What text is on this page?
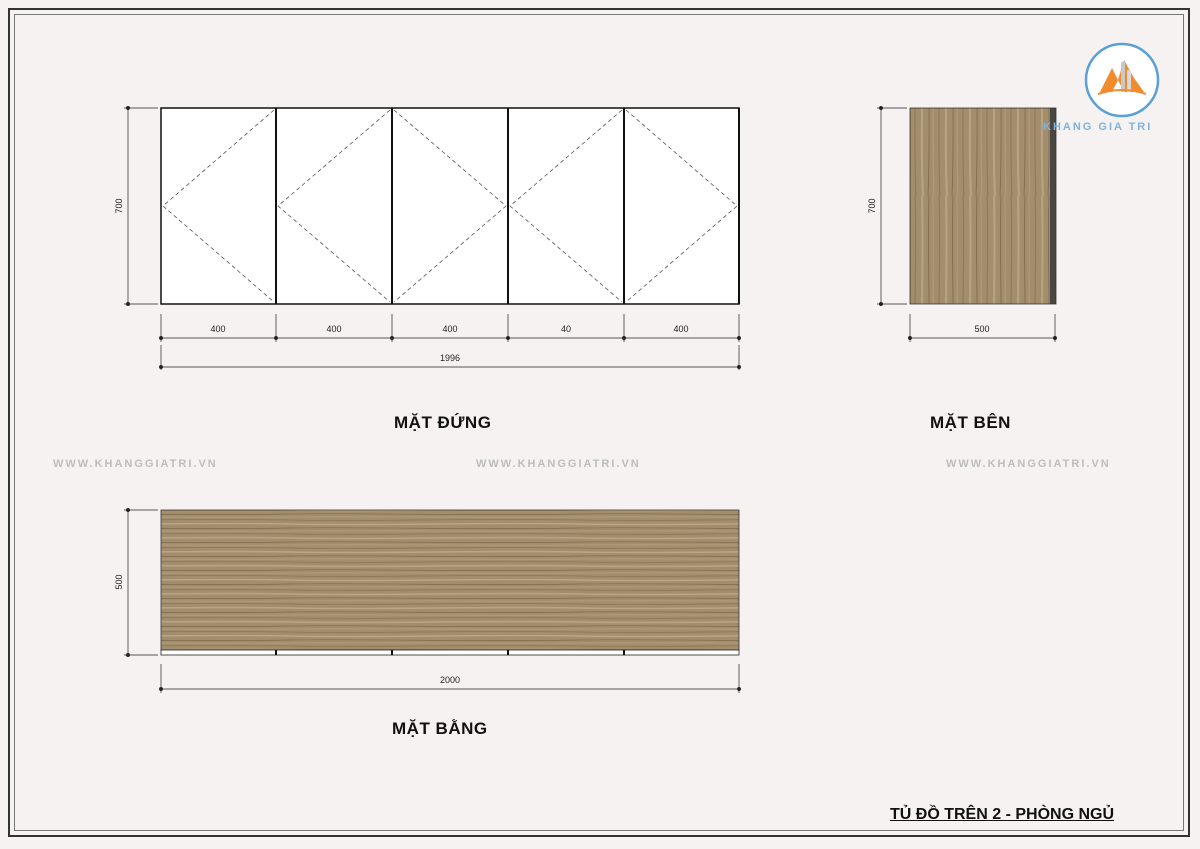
700
400	400	400	40	400
1996
700
500
500
2000
KHANG GIA TRI
MẶT ĐỨNG	MẶT BÊN
MẶT BẰNG
WWW.KHANGGIATRI.VN	WWW.KHANGGIATRI.VN	WWW.KHANGGIATRI.VN
TỦ ĐỒ TRÊN 2 - PHÒNG NGỦ
